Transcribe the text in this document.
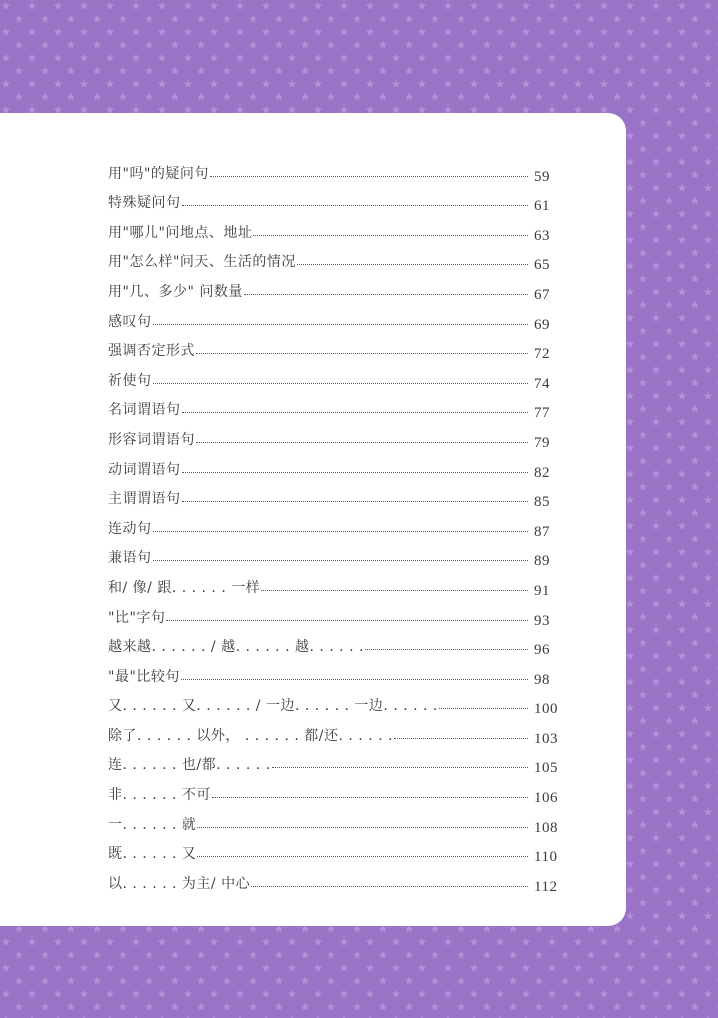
用"吗"的疑问句	59
特殊疑问句	61
用"哪儿"问地点、地址	63
用"怎么样"问天、生活的情况	65
用"几、多少" 问数量	67
感叹句	69
强调否定形式	72
祈使句	74
名词谓语句	77
形容词谓语句	79
动词谓语句	82
主谓谓语句	85
连动句	87
兼语句	89
和/ 像/ 跟. . . . . . 一样	91
"比"字句	93
越来越. . . . . . / 越. . . . . . 越. . . . . .	96
"最"比较句	98
又. . . . . . 又. . . . . . / 一边. . . . . . 一边. . . . . .	100
除了. . . . . . 以外， . . . . . . 都/还. . . . . .	103
连. . . . . . 也/都. . . . . .	105
非. . . . . . 不可	106
一. . . . . . 就	108
既. . . . . . 又	110
以. . . . . . 为主/ 中心	112
